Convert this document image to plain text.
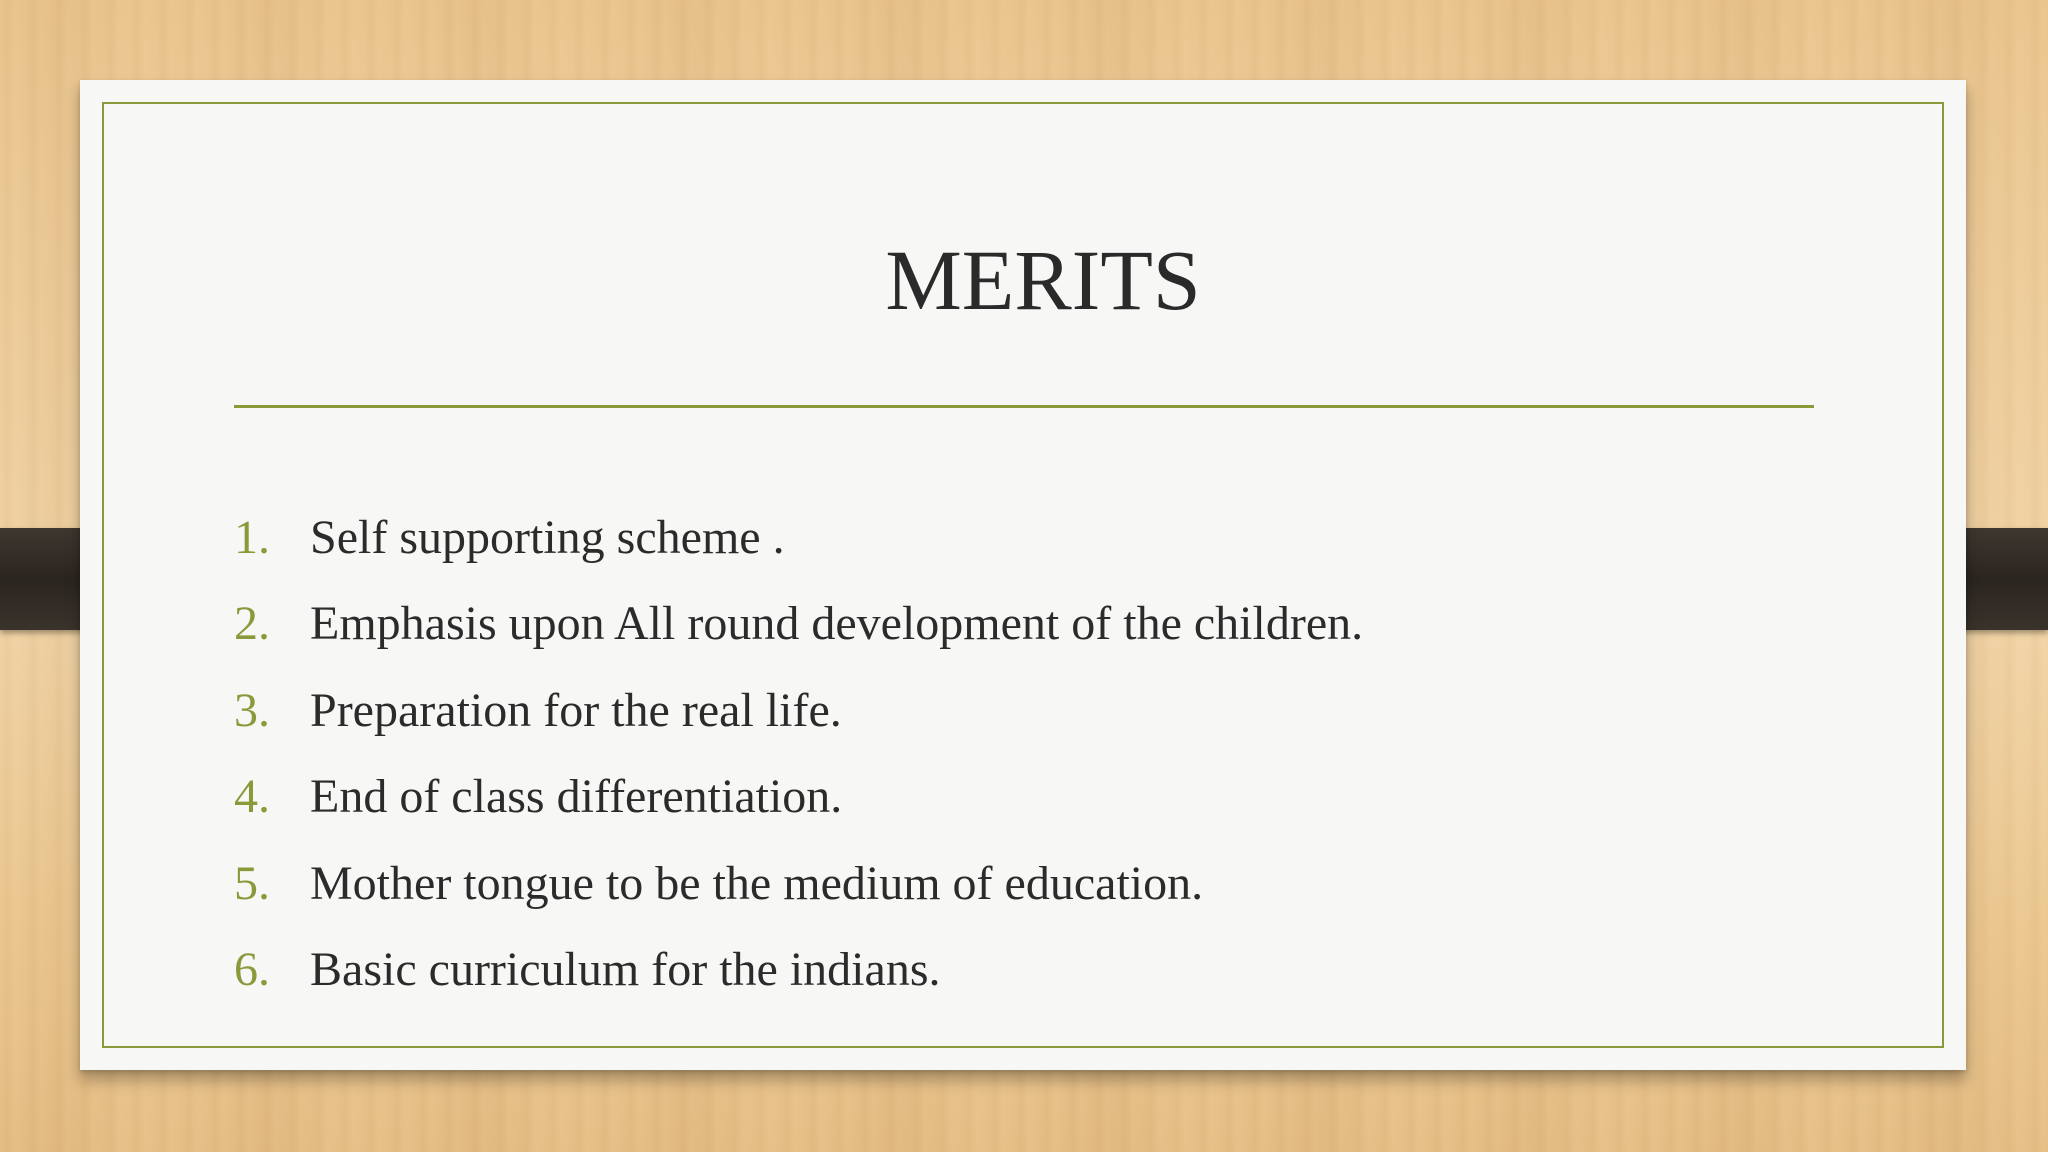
MERITS
1. Self supporting scheme .
2. Emphasis upon All round development of the children.
3. Preparation for the real life.
4. End of class differentiation.
5. Mother tongue to be the medium of education.
6. Basic curriculum for the indians.
